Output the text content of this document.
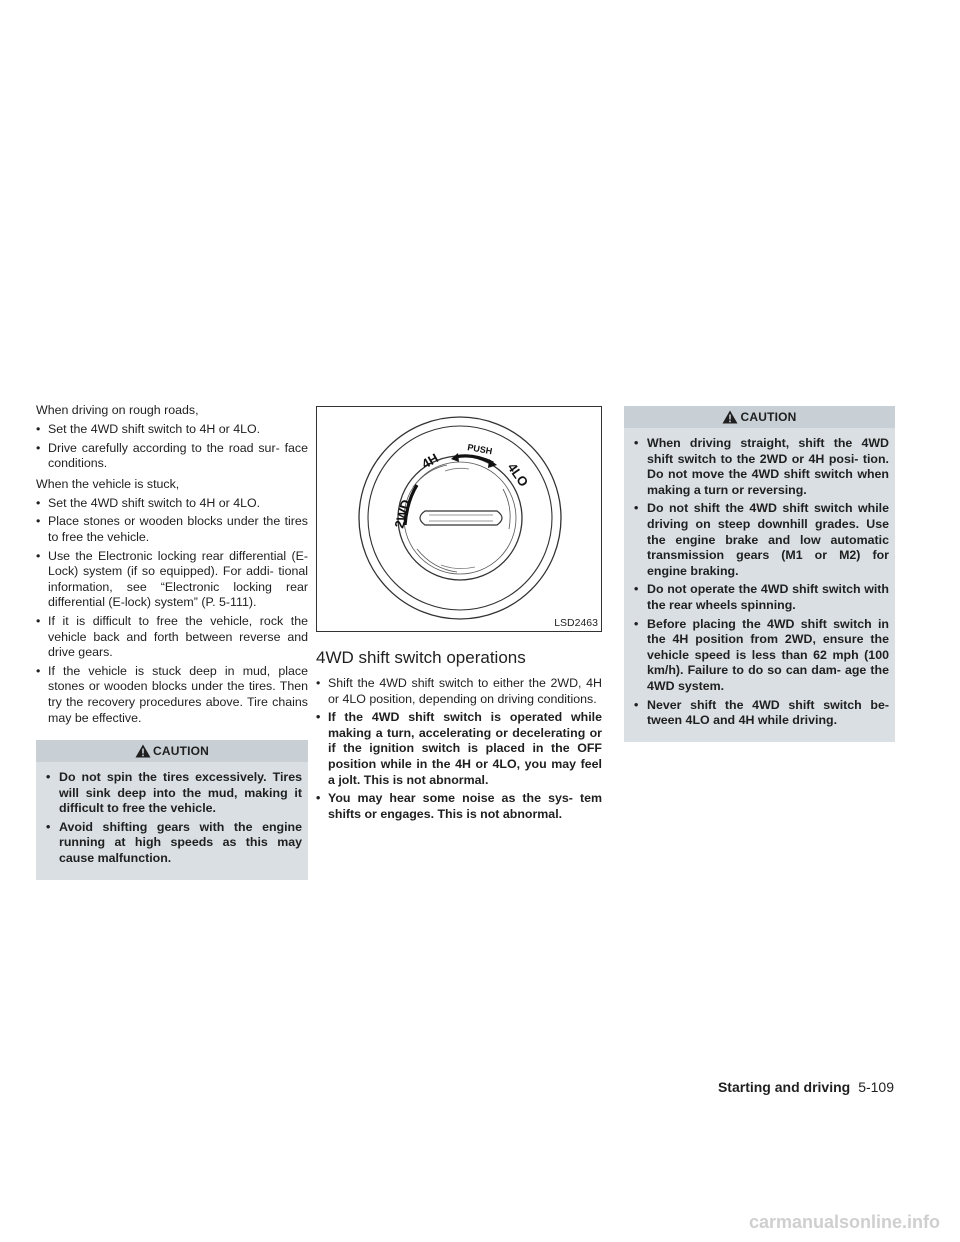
When driving on rough roads,

• Set the 4WD shift switch to 4H or 4LO.
• Drive carefully according to the road sur- face conditions.

When the vehicle is stuck,

• Set the 4WD shift switch to 4H or 4LO.
• Place stones or wooden blocks under the tires to free the vehicle.
• Use the Electronic locking rear differential (E-Lock) system (if so equipped). For addi- tional information, see “Electronic locking rear differential (E-lock) system” (P. 5-111).
• If it is difficult to free the vehicle, rock the vehicle back and forth between reverse and drive gears.
• If the vehicle is stuck deep in mud, place stones or wooden blocks under the tires. Then try the recovery procedures above. Tire chains may be effective.
CAUTION
• Do not spin the tires excessively. Tires will sink deep into the mud, making it difficult to free the vehicle.
• Avoid shifting gears with the engine running at high speeds as this may cause malfunction.
2WD
4H
PUSH
4LO
LSD2463
4WD shift switch operations
• Shift the 4WD shift switch to either the 2WD, 4H or 4LO position, depending on driving conditions.
• If the 4WD shift switch is operated while making a turn, accelerating or decelerating or if the ignition switch is placed in the OFF position while in the 4H or 4LO, you may feel a jolt. This is not abnormal.
• You may hear some noise as the sys- tem shifts or engages. This is not abnormal.
CAUTION
• When driving straight, shift the 4WD shift switch to the 2WD or 4H posi- tion. Do not move the 4WD shift switch when making a turn or reversing.
• Do not shift the 4WD shift switch while driving on steep downhill grades. Use the engine brake and low automatic transmission gears (M1 or M2) for engine braking.
• Do not operate the 4WD shift switch with the rear wheels spinning.
• Before placing the 4WD shift switch in the 4H position from 2WD, ensure the vehicle speed is less than 62 mph (100 km/h). Failure to do so can dam- age the 4WD system.
• Never shift the 4WD shift switch be- tween 4LO and 4H while driving.
Starting and driving 5-109
carmanualsonline.info
